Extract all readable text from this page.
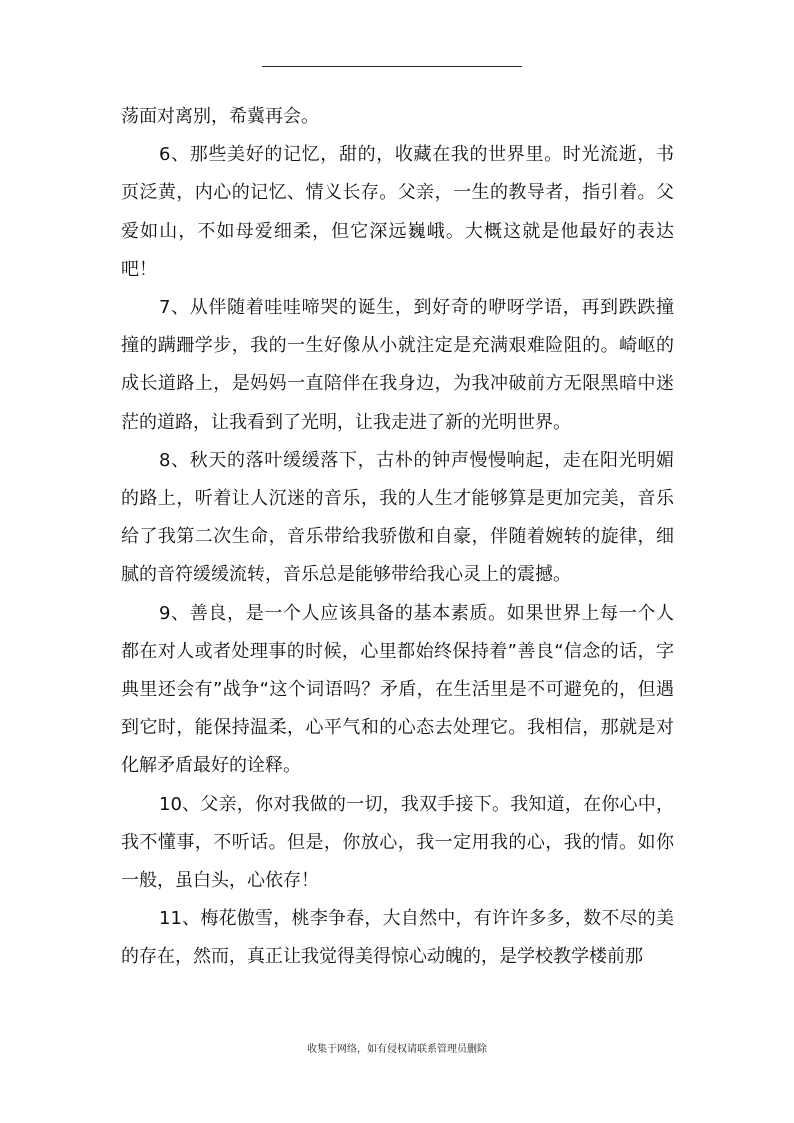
荡面对离别，希冀再会。

6、那些美好的记忆，甜的，收藏在我的世界里。时光流逝，书页泛黄，内心的记忆、情义长存。父亲，一生的教导者，指引着。父爱如山，不如母爱细柔，但它深远巍峨。大概这就是他最好的表达吧！

7、从伴随着哇哇啼哭的诞生，到好奇的咿呀学语，再到跌跌撞撞的蹒跚学步，我的一生好像从小就注定是充满艰难险阻的。崎岖的成长道路上，是妈妈一直陪伴在我身边，为我冲破前方无限黑暗中迷茫的道路，让我看到了光明，让我走进了新的光明世界。

8、秋天的落叶缓缓落下，古朴的钟声慢慢响起，走在阳光明媚的路上，听着让人沉迷的音乐，我的人生才能够算是更加完美，音乐给了我第二次生命，音乐带给我骄傲和自豪，伴随着婉转的旋律，细腻的音符缓缓流转，音乐总是能够带给我心灵上的震撼。

9、善良，是一个人应该具备的基本素质。如果世界上每一个人都在对人或者处理事的时候，心里都始终保持着”善良“信念的话，字典里还会有”战争“这个词语吗？矛盾，在生活里是不可避免的，但遇到它时，能保持温柔，心平气和的心态去处理它。我相信，那就是对化解矛盾最好的诠释。

10、父亲，你对我做的一切，我双手接下。我知道，在你心中，我不懂事，不听话。但是，你放心，我一定用我的心，我的情。如你一般，虽白头，心依存！

11、梅花傲雪，桃李争春，大自然中，有许许多多，数不尽的美的存在，然而，真正让我觉得美得惊心动魄的，是学校教学楼前那

收集于网络，如有侵权请联系管理员删除
